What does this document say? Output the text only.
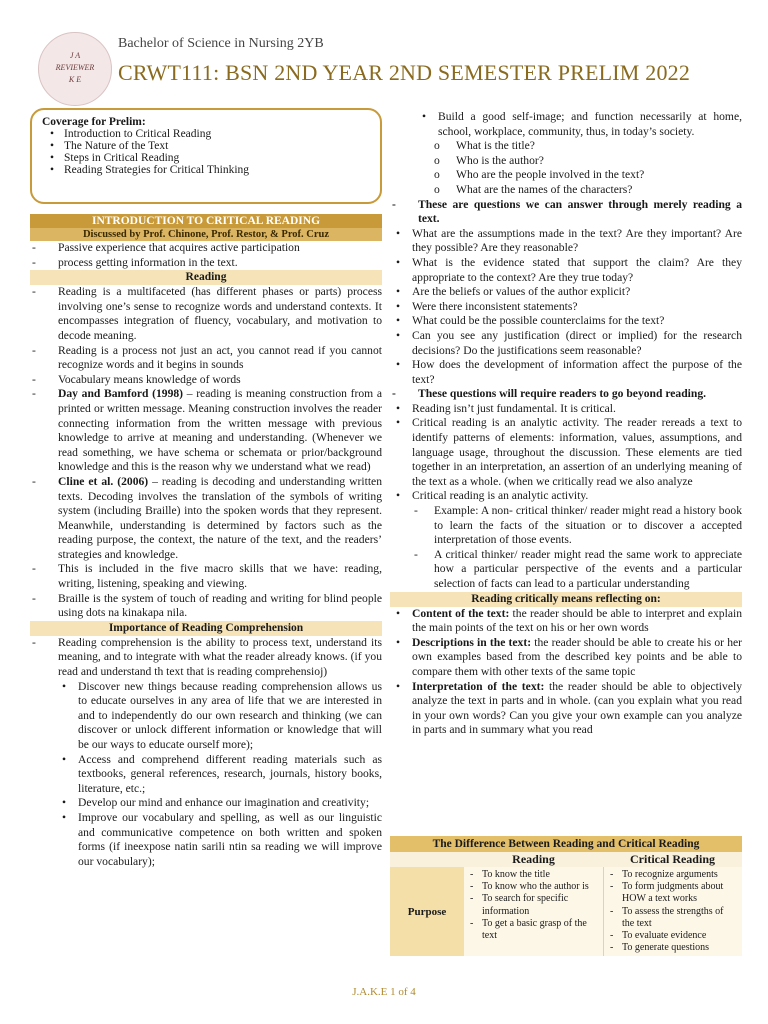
J A
REVIEWER
K E
Bachelor of Science in Nursing 2YB
CRWT111: BSN 2ND YEAR 2ND SEMESTER PRELIM 2022
Coverage for Prelim:
• Introduction to Critical Reading
• The Nature of the Text
• Steps in Critical Reading
• Reading Strategies for Critical Thinking
INTRODUCTION TO CRITICAL READING
Discussed by Prof. Chinone, Prof. Restor, & Prof. Cruz
- Passive experience that acquires active participation
- process getting information in the text.
Reading
- Reading is a multifaceted (has different phases or parts) process involving one’s sense to recognize words and understand contexts. It encompasses integration of fluency, vocabulary, and motivation to decode meaning.
- Reading is a process not just an act, you cannot read if you cannot recognize words and it begins in sounds
- Vocabulary means knowledge of words
- Day and Bamford (1998) – reading is meaning construction from a printed or written message. Meaning construction involves the reader connecting information from the written message with previous knowledge to arrive at meaning and understanding. (Whenever we read something, we have schema or schemata or prior/background knowledge and this is the reason why we understand what we read)
- Cline et al. (2006) – reading is decoding and understanding written texts. Decoding involves the translation of the symbols of writing system (including Braille) into the spoken words that they represent. Meanwhile, understanding is determined by factors such as the reading purpose, the context, the nature of the text, and the readers’ strategies and knowledge.
- This is included in the five macro skills that we have: reading, writing, listening, speaking and viewing.
- Braille is the system of touch of reading and writing for blind people using dots na kinakapa nila.
Importance of Reading Comprehension
- Reading comprehension is the ability to process text, understand its meaning, and to integrate with what the reader already knows. (if you read and understand th text that is reading comprehensioj)
• Discover new things because reading comprehension allows us to educate ourselves in any area of life that we are interested in and to independently do our own research and thinking (we can discover or unlock different information or knowledge that will be our ways to educate ourself more);
• Access and comprehend different reading materials such as textbooks, general references, research, journals, history books, literature, etc.;
• Develop our mind and enhance our imagination and creativity;
• Improve our vocabulary and spelling, as well as our linguistic and communicative competence on both written and spoken forms (if ineexpose natin sarili ntin sa reading we will improve our vocabulary);
• Build a good self-image; and function necessarily at home, school, workplace, community, thus, in today’s society.
o What is the title?
o Who is the author?
o Who are the people involved in the text?
o What are the names of the characters?
- These are questions we can answer through merely reading a text.
• What are the assumptions made in the text? Are they important? Are they possible? Are they reasonable?
• What is the evidence stated that support the claim? Are they appropriate to the context? Are they true today?
• Are the beliefs or values of the author explicit?
• Were there inconsistent statements?
• What could be the possible counterclaims for the text?
• Can you see any justification (direct or implied) for the research decisions? Do the justifications seem reasonable?
• How does the development of information affect the purpose of the text?
- These questions will require readers to go beyond reading.
• Reading isn’t just fundamental. It is critical.
• Critical reading is an analytic activity. The reader rereads a text to identify patterns of elements: information, values, assumptions, and language usage, throughout the discussion. These elements are tied together in an interpretation, an assertion of an underlying meaning of the text as a whole. (when we critically read we also analyze
• Critical reading is an analytic activity.
- Example: A non- critical thinker/ reader might read a history book to learn the facts of the situation or to discover a accepted interpretation of those events.
- A critical thinker/ reader might read the same work to appreciate how a particular perspective of the events and a particular selection of facts can lead to a particular understanding
Reading critically means reflecting on:
• Content of the text: the reader should be able to interpret and explain the main points of the text on his or her own words
• Descriptions in the text: the reader should be able to create his or her own examples based from the described key points and be able to compare them with other texts of the same topic
• Interpretation of the text: the reader should be able to objectively analyze the text in parts and in whole. (can you explain what you read in your own words? Can you give your own example can you analyze in parts and in summary what you read
The Difference Between Reading and Critical Reading
Reading	Critical Reading
Purpose
- To know the title
- To know who the author is
- To search for specific information
- To get a basic grasp of the text
- To recognize arguments
- To form judgments about HOW a text works
- To assess the strengths of the text
- To evaluate evidence
- To generate questions
J.A.K.E 1 of 4
